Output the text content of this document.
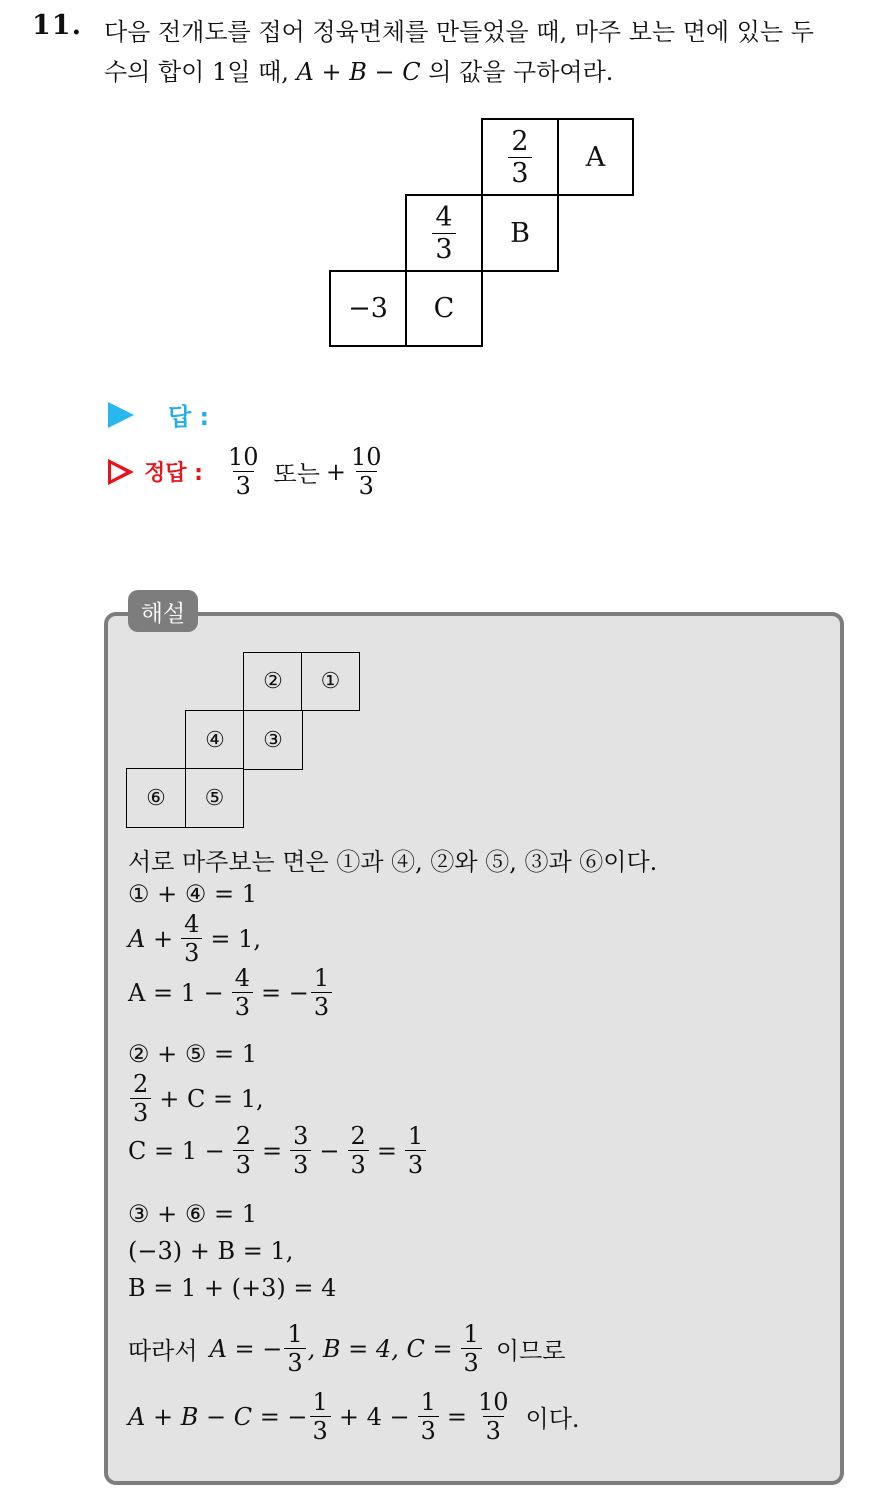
11. 다음 전개도를 접어 정육면체를 만들었을 때, 마주 보는 면에 있는 두
수의 합이 1일 때, A + B − C 의 값을 구하여라.
$\frac{2}{3}$	A
$\frac{4}{3}$	B
−3	C
답 :
정답 : $\frac{10}{3}$ 또는 + $\frac{10}{3}$
해설
② ①
④ ③
⑥ ⑤
서로 마주보는 면은 ①과 ④, ②와 ⑤, ③과 ⑥이다.
① + ④ = 1
$A + \frac{4}{3} = 1$,
$A = 1 - \frac{4}{3}$ = − $\frac{1}{3}$
② + ⑤ = 1
$\frac{2}{3} + C = 1$,
$C = 1 - \frac{2}{3} = \frac{3}{3} - \frac{2}{3} = \frac{1}{3}$
③ + ⑥ = 1
(−3) + B = 1,
B = 1 + (+3) = 4
따라서 A = − $\frac{1}{3}$ , B = 4, $C = \frac{1}{3}$ 이므로
A + B − C = − $\frac{1}{3} + 4 - \frac{1}{3} = \frac{10}{3}$ 이다.
